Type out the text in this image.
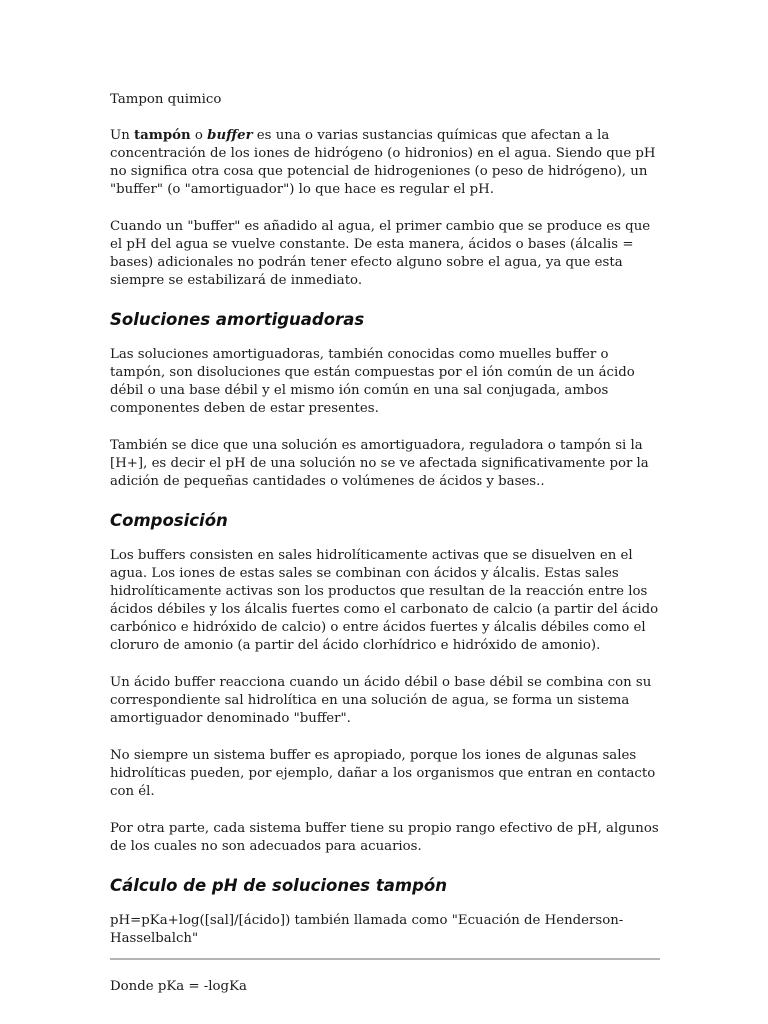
Tampon quimico

Un tampón o buffer es una o varias sustancias químicas que afectan a la concentración de los iones de hidrógeno (o hidronios) en el agua. Siendo que pH no significa otra cosa que potencial de hidrogeniones (o peso de hidrógeno), un "buffer" (o "amortiguador") lo que hace es regular el pH.

Cuando un "buffer" es añadido al agua, el primer cambio que se produce es que el pH del agua se vuelve constante. De esta manera, ácidos o bases (álcalis = bases) adicionales no podrán tener efecto alguno sobre el agua, ya que esta siempre se estabilizará de inmediato.

Soluciones amortiguadoras

Las soluciones amortiguadoras, también conocidas como muelles buffer o tampón, son disoluciones que están compuestas por el ión común de un ácido débil o una base débil y el mismo ión común en una sal conjugada, ambos componentes deben de estar presentes.

También se dice que una solución es amortiguadora, reguladora o tampón si la [H+], es decir el pH de una solución no se ve afectada significativamente por la adición de pequeñas cantidades o volúmenes de ácidos y bases..

Composición

Los buffers consisten en sales hidrolíticamente activas que se disuelven en el agua. Los iones de estas sales se combinan con ácidos y álcalis. Estas sales hidrolíticamente activas son los productos que resultan de la reacción entre los ácidos débiles y los álcalis fuertes como el carbonato de calcio (a partir del ácido carbónico e hidróxido de calcio) o entre ácidos fuertes y álcalis débiles como el cloruro de amonio (a partir del ácido clorhídrico e hidróxido de amonio).

Un ácido buffer reacciona cuando un ácido débil o base débil se combina con su correspondiente sal hidrolítica en una solución de agua, se forma un sistema amortiguador denominado "buffer".

No siempre un sistema buffer es apropiado, porque los iones de algunas sales hidrolíticas pueden, por ejemplo, dañar a los organismos que entran en contacto con él.

Por otra parte, cada sistema buffer tiene su propio rango efectivo de pH, algunos de los cuales no son adecuados para acuarios.

Cálculo de pH de soluciones tampón

pH=pKa+log([sal]/[ácido]) también llamada como "Ecuación de Henderson-Hasselbalch"

Donde pKa = -logKa
